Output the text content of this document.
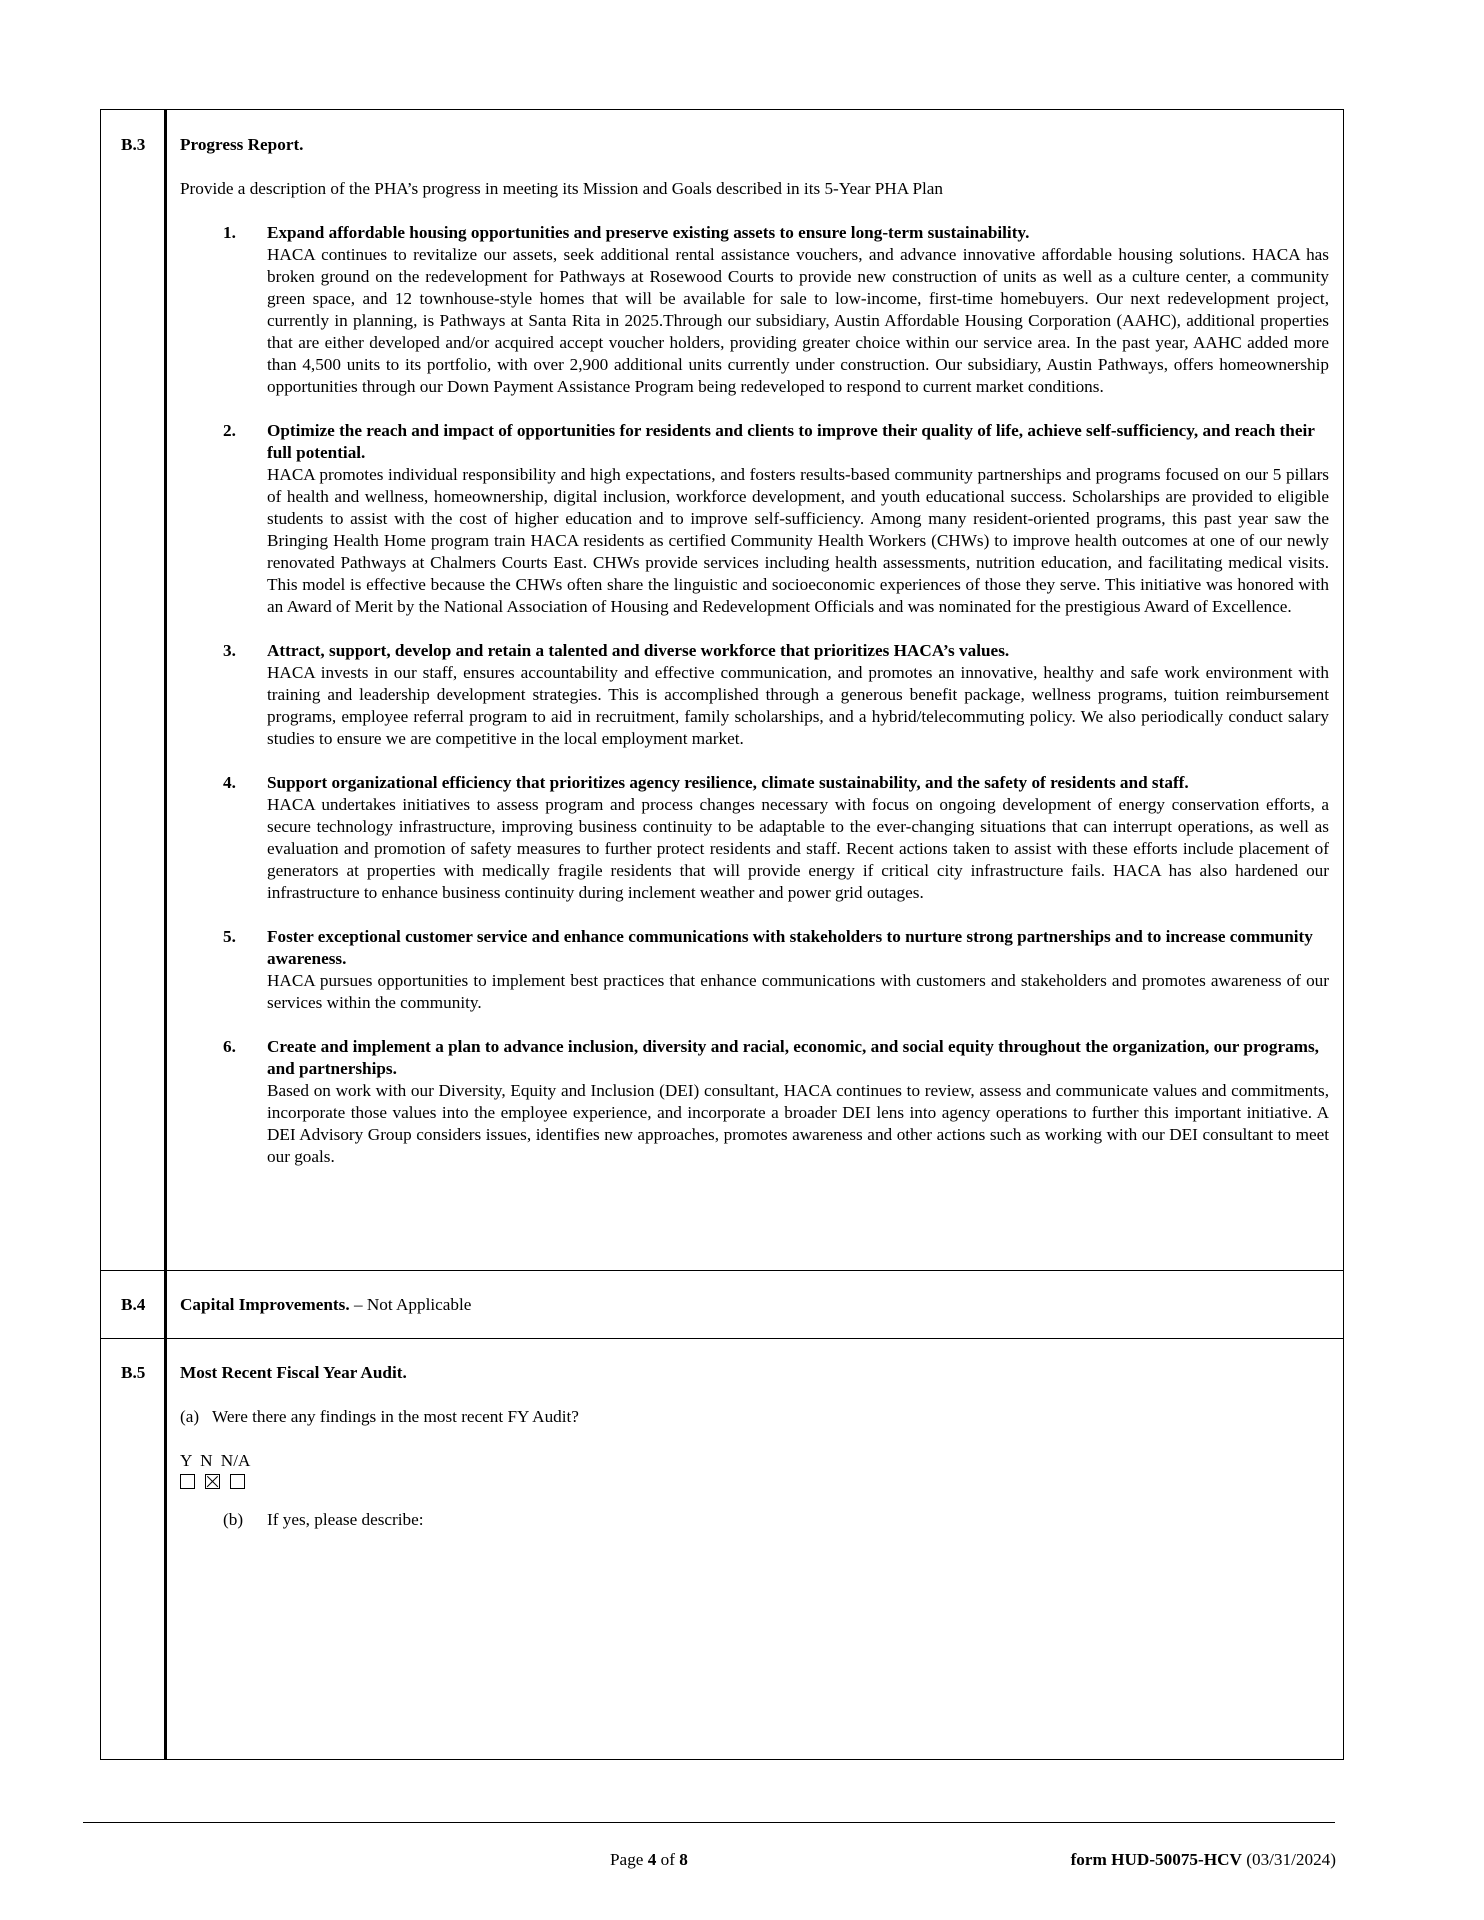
B.3 Progress Report.
Provide a description of the PHA’s progress in meeting its Mission and Goals described in its 5-Year PHA Plan
1. Expand affordable housing opportunities and preserve existing assets to ensure long-term sustainability.
HACA continues to revitalize our assets, seek additional rental assistance vouchers, and advance innovative affordable housing solutions. HACA has broken ground on the redevelopment for Pathways at Rosewood Courts to provide new construction of units as well as a culture center, a community green space, and 12 townhouse-style homes that will be available for sale to low-income, first-time homebuyers. Our next redevelopment project, currently in planning, is Pathways at Santa Rita in 2025.Through our subsidiary, Austin Affordable Housing Corporation (AAHC), additional properties that are either developed and/or acquired accept voucher holders, providing greater choice within our service area. In the past year, AAHC added more than 4,500 units to its portfolio, with over 2,900 additional units currently under construction. Our subsidiary, Austin Pathways, offers homeownership opportunities through our Down Payment Assistance Program being redeveloped to respond to current market conditions.
2. Optimize the reach and impact of opportunities for residents and clients to improve their quality of life, achieve self-sufficiency, and reach their full potential.
HACA promotes individual responsibility and high expectations, and fosters results-based community partnerships and programs focused on our 5 pillars of health and wellness, homeownership, digital inclusion, workforce development, and youth educational success. Scholarships are provided to eligible students to assist with the cost of higher education and to improve self-sufficiency. Among many resident-oriented programs, this past year saw the Bringing Health Home program train HACA residents as certified Community Health Workers (CHWs) to improve health outcomes at one of our newly renovated Pathways at Chalmers Courts East. CHWs provide services including health assessments, nutrition education, and facilitating medical visits. This model is effective because the CHWs often share the linguistic and socioeconomic experiences of those they serve. This initiative was honored with an Award of Merit by the National Association of Housing and Redevelopment Officials and was nominated for the prestigious Award of Excellence.
3. Attract, support, develop and retain a talented and diverse workforce that prioritizes HACA’s values.
HACA invests in our staff, ensures accountability and effective communication, and promotes an innovative, healthy and safe work environment with training and leadership development strategies. This is accomplished through a generous benefit package, wellness programs, tuition reimbursement programs, employee referral program to aid in recruitment, family scholarships, and a hybrid/telecommuting policy. We also periodically conduct salary studies to ensure we are competitive in the local employment market.
4. Support organizational efficiency that prioritizes agency resilience, climate sustainability, and the safety of residents and staff.
HACA undertakes initiatives to assess program and process changes necessary with focus on ongoing development of energy conservation efforts, a secure technology infrastructure, improving business continuity to be adaptable to the ever-changing situations that can interrupt operations, as well as evaluation and promotion of safety measures to further protect residents and staff. Recent actions taken to assist with these efforts include placement of generators at properties with medically fragile residents that will provide energy if critical city infrastructure fails. HACA has also hardened our infrastructure to enhance business continuity during inclement weather and power grid outages.
5. Foster exceptional customer service and enhance communications with stakeholders to nurture strong partnerships and to increase community awareness.
HACA pursues opportunities to implement best practices that enhance communications with customers and stakeholders and promotes awareness of our services within the community.
6. Create and implement a plan to advance inclusion, diversity and racial, economic, and social equity throughout the organization, our programs, and partnerships.
Based on work with our Diversity, Equity and Inclusion (DEI) consultant, HACA continues to review, assess and communicate values and commitments, incorporate those values into the employee experience, and incorporate a broader DEI lens into agency operations to further this important initiative. A DEI Advisory Group considers issues, identifies new approaches, promotes awareness and other actions such as working with our DEI consultant to meet our goals.
B.4 Capital Improvements. – Not Applicable
B.5 Most Recent Fiscal Year Audit.
(a) Were there any findings in the most recent FY Audit?
Y N N/A
(b) If yes, please describe:
Page 4 of 8	form HUD-50075-HCV (03/31/2024)
